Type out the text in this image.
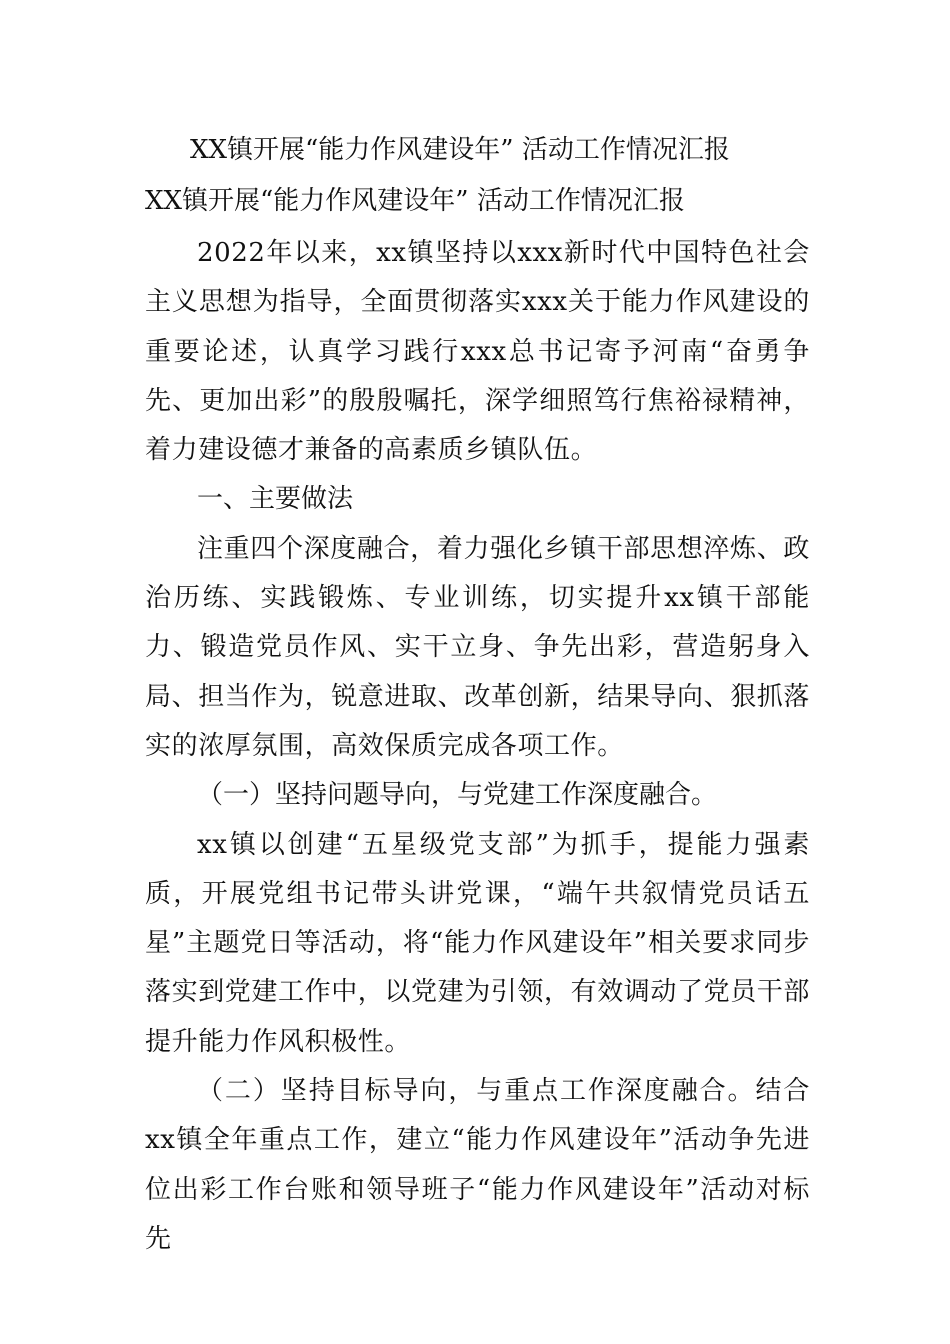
XX镇开展“能力作风建设年” 活动工作情况汇报
XX镇开展“能力作风建设年” 活动工作情况汇报

2022年以来，xx镇坚持以xxx新时代中国特色社会主义思想为指导，全面贯彻落实xxx关于能力作风建设的重要论述，认真学习践行xxx总书记寄予河南“奋勇争先、更加出彩”的殷殷嘱托，深学细照笃行焦裕禄精神，着力建设德才兼备的高素质乡镇队伍。

一、主要做法

注重四个深度融合，着力强化乡镇干部思想淬炼、政治历练、实践锻炼、专业训练，切实提升xx镇干部能力、锻造党员作风、实干立身、争先出彩，营造躬身入局、担当作为，锐意进取、改革创新，结果导向、狠抓落实的浓厚氛围，高效保质完成各项工作。

（一）坚持问题导向，与党建工作深度融合。

xx镇以创建“五星级党支部”为抓手，提能力强素质，开展党组书记带头讲党课，“端午共叙情党员话五星”主题党日等活动，将“能力作风建设年”相关要求同步落实到党建工作中，以党建为引领，有效调动了党员干部提升能力作风积极性。

（二）坚持目标导向，与重点工作深度融合。结合xx镇全年重点工作，建立“能力作风建设年”活动争先进位出彩工作台账和领导班子“能力作风建设年”活动对标先
